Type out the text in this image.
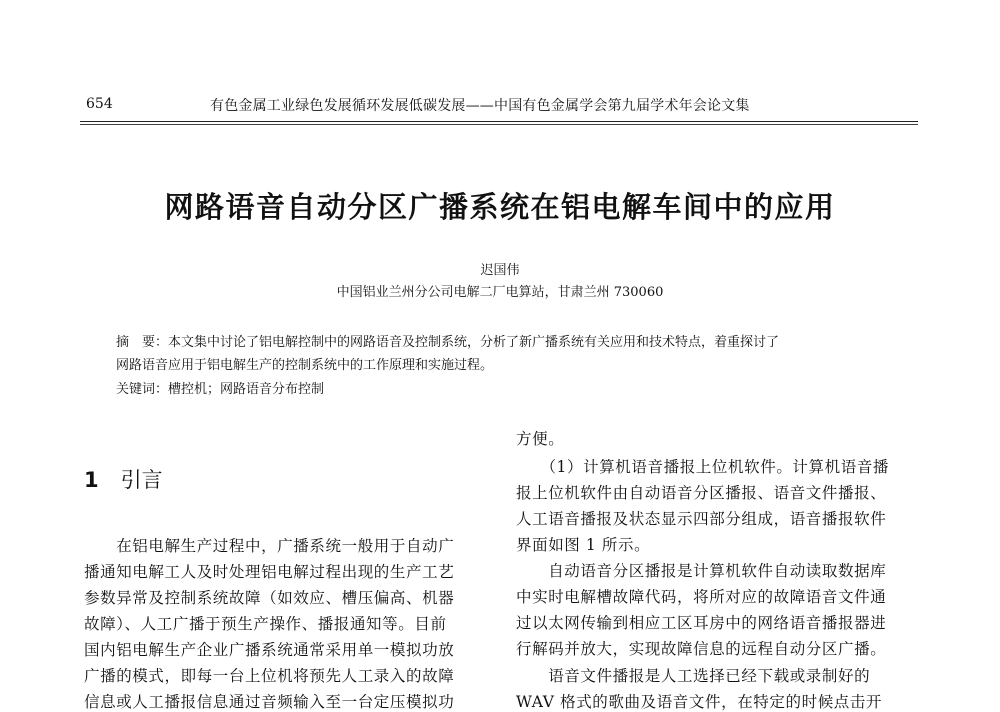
654	有色金属工业绿色发展循环发展低碳发展——中国有色金属学会第九届学术年会论文集
网路语音自动分区广播系统在铝电解车间中的应用
迟国伟
中国铝业兰州分公司电解二厂电算站，甘肃兰州 730060
摘　要：本文集中讨论了铝电解控制中的网路语音及控制系统，分析了新广播系统有关应用和技术特点，着重探讨了
网路语音应用于铝电解生产的控制系统中的工作原理和实施过程。
关键词：槽控机；网路语音分布控制
1 引言
　　在铝电解生产过程中，广播系统一般用于自动广
播通知电解工人及时处理铝电解过程出现的生产工艺
参数异常及控制系统故障（如效应、槽压偏高、机器
故障）、人工广播于预生产操作、播报通知等。目前
国内铝电解生产企业广播系统通常采用单一模拟功放
广播的模式，即每一台上位机将预先人工录入的故障
信息或人工播报信息通过音频输入至一台定压模拟功
方便。
　　（1）计算机语音播报上位机软件。计算机语音播
报上位机软件由自动语音分区播报、语音文件播报、
人工语音播报及状态显示四部分组成，语音播报软件
界面如图 1 所示。
　　自动语音分区播报是计算机软件自动读取数据库
中实时电解槽故障代码，将所对应的故障语音文件通
过以太网传输到相应工区耳房中的网络语音播报器进
行解码并放大，实现故障信息的远程自动分区广播。
　　语音文件播报是人工选择已经下载或录制好的
WAV 格式的歌曲及语音文件，在特定的时候点击开
